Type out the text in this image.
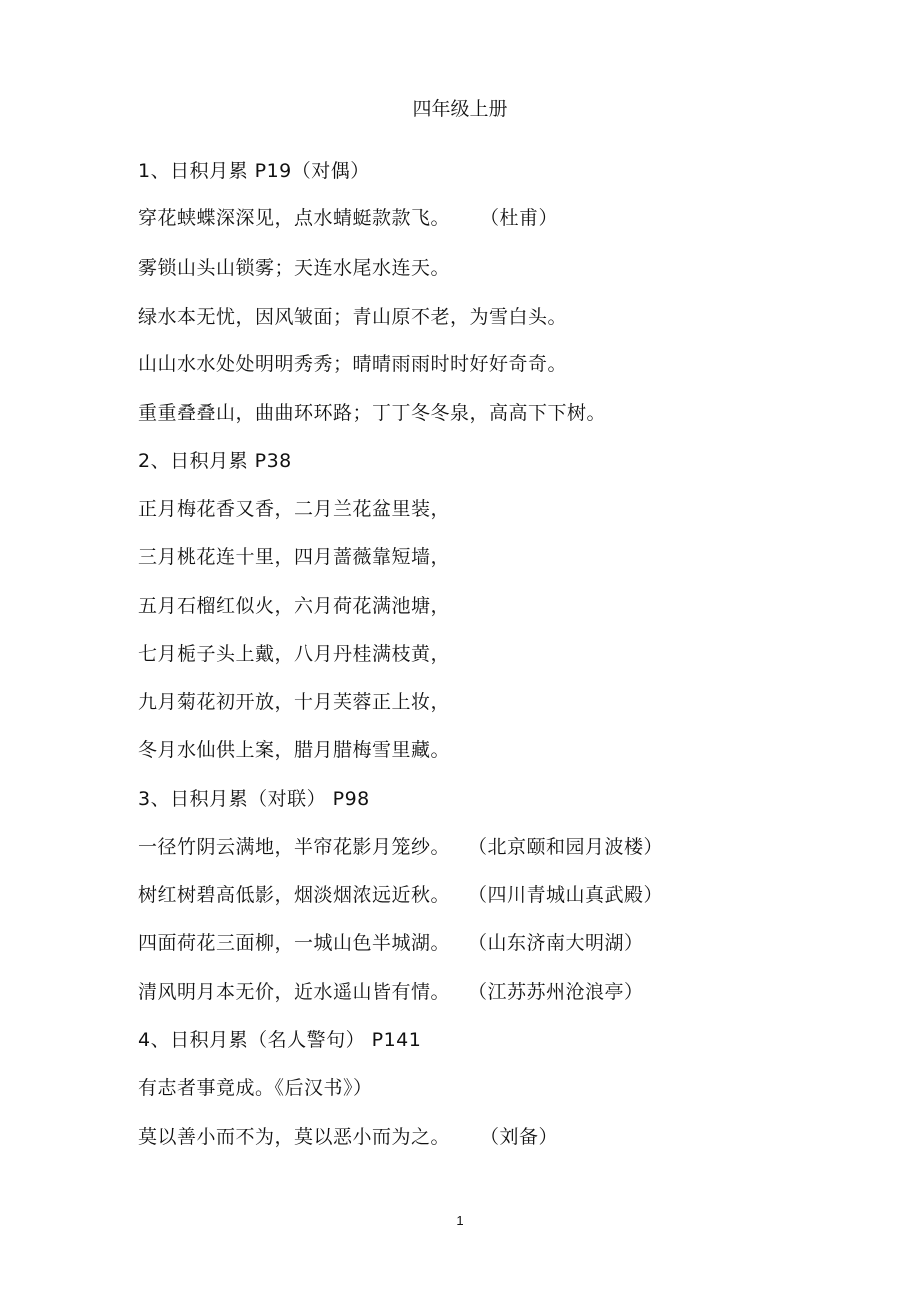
四年级上册
1、日积月累 P19（对偶）
穿花蛱蝶深深见，点水蜻蜓款款飞。 （杜甫）
雾锁山头山锁雾；天连水尾水连天。
绿水本无忧，因风皱面；青山原不老，为雪白头。
山山水水处处明明秀秀；晴晴雨雨时时好好奇奇。
重重叠叠山，曲曲环环路；丁丁冬冬泉，高高下下树。
2、日积月累 P38
正月梅花香又香，二月兰花盆里装，
三月桃花连十里，四月蔷薇靠短墙，
五月石榴红似火，六月荷花满池塘，
七月栀子头上戴，八月丹桂满枝黄，
九月菊花初开放，十月芙蓉正上妆，
冬月水仙供上案，腊月腊梅雪里藏。
3、日积月累（对联） P98
一径竹阴云满地，半帘花影月笼纱。 （北京颐和园月波楼）
树红树碧高低影，烟淡烟浓远近秋。 （四川青城山真武殿）
四面荷花三面柳，一城山色半城湖。 （山东济南大明湖）
清风明月本无价，近水遥山皆有情。 （江苏苏州沧浪亭）
4、日积月累（名人警句） P141
有志者事竟成。《后汉书》）
莫以善小而不为，莫以恶小而为之。 （刘备）
1
